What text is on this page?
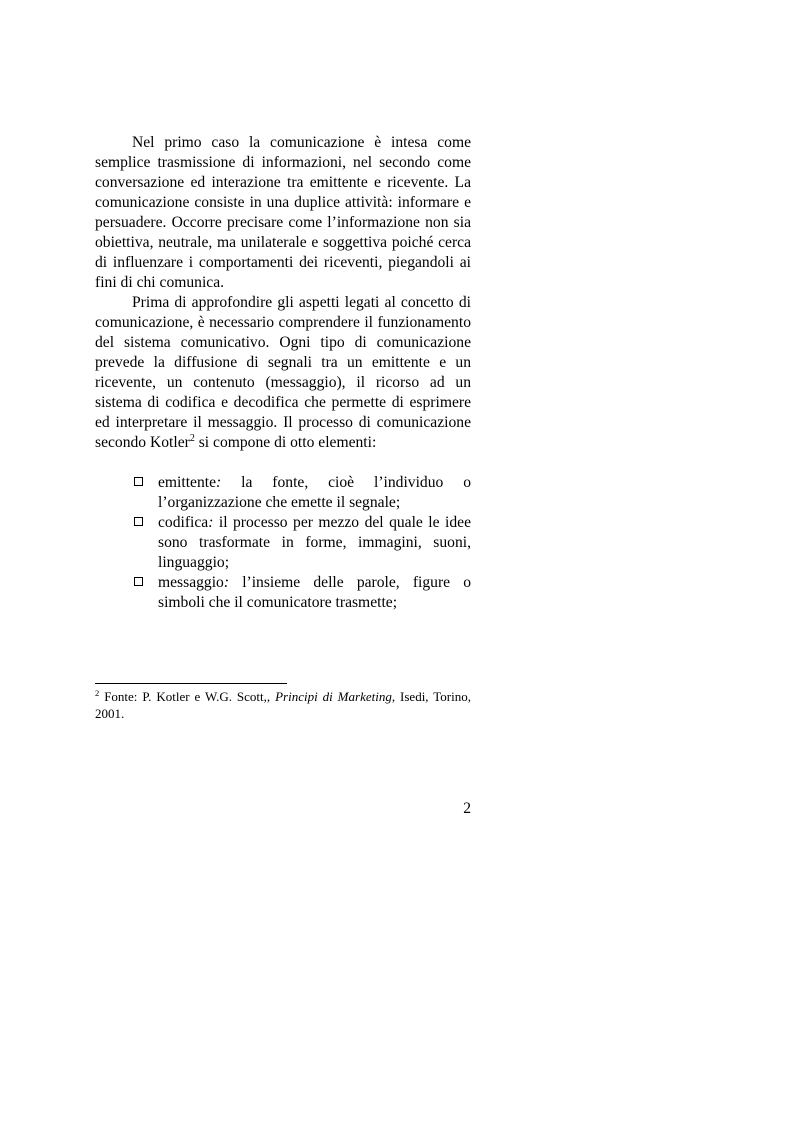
Nel primo caso la comunicazione è intesa come semplice trasmissione di informazioni, nel secondo come conversazione ed interazione tra emittente e ricevente. La comunicazione consiste in una duplice attività: informare e persuadere. Occorre precisare come l’informazione non sia obiettiva, neutrale, ma unilaterale e soggettiva poiché cerca di influenzare i comportamenti dei riceventi, piegandoli ai fini di chi comunica.

Prima di approfondire gli aspetti legati al concetto di comunicazione, è necessario comprendere il funzionamento del sistema comunicativo. Ogni tipo di comunicazione prevede la diffusione di segnali tra un emittente e un ricevente, un contenuto (messaggio), il ricorso ad un sistema di codifica e decodifica che permette di esprimere ed interpretare il messaggio. Il processo di comunicazione secondo Kotler$^2$ si compone di otto elementi:

emittente: la fonte, cioè l’individuo o l’organizzazione che emette il segnale;
codifica: il processo per mezzo del quale le idee sono trasformate in forme, immagini, suoni, linguaggio;
messaggio: l’insieme delle parole, figure o simboli che il comunicatore trasmette;

$^2$ Fonte: P. Kotler e W.G. Scott,, Principi di Marketing, Isedi, Torino, 2001.

2
